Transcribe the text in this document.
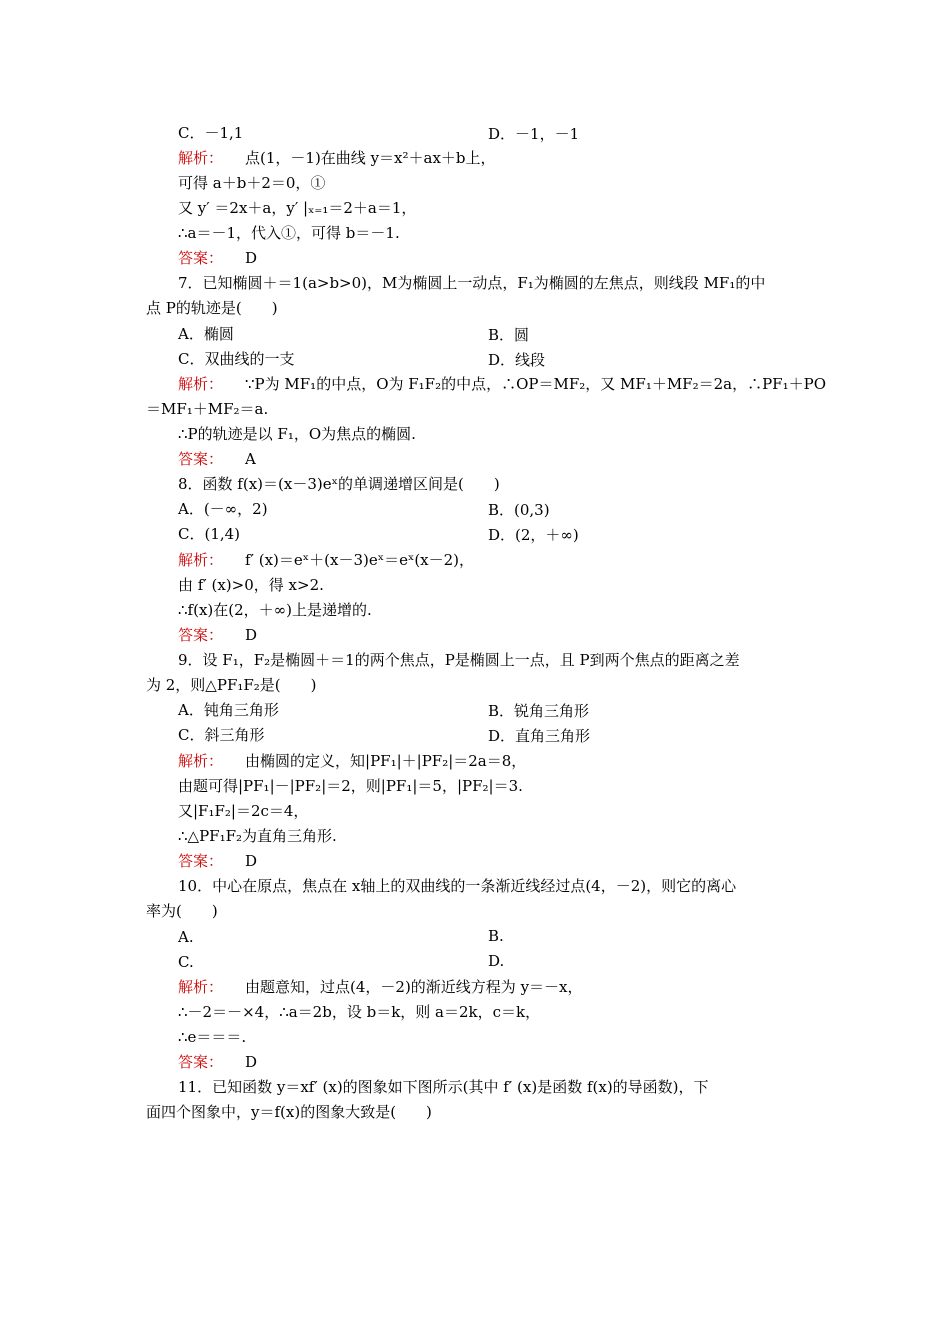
C．－1,1	D．－1，－1
解析： 点(1，－1)在曲线 y＝x²＋ax＋b上，
可得 a＋b＋2＝0，①
又 y′ ＝2x＋a，y′ |ₓ₌₁＝2＋a＝1，
∴a＝－1，代入①，可得 b＝－1.
答案： D
7．已知椭圆＋＝1(a>b>0)，M为椭圆上一动点，F₁为椭圆的左焦点，则线段 MF₁的中
点 P的轨迹是(　　)
A．椭圆	B．圆
C．双曲线的一支	D．线段
解析： ∵P为 MF₁的中点，O为 F₁F₂的中点，∴OP＝MF₂，又 MF₁＋MF₂＝2a，∴PF₁＋PO
＝MF₁＋MF₂＝a.
∴P的轨迹是以 F₁，O为焦点的椭圆.
答案： A
8．函数 f(x)＝(x－3)eˣ的单调递增区间是(　　)
A．(－∞，2)	B．(0,3)
C．(1,4)	D．(2，＋∞)
解析： f′ (x)＝eˣ＋(x－3)eˣ＝eˣ(x－2)，
由 f′ (x)>0，得 x>2.
∴f(x)在(2，＋∞)上是递增的.
答案： D
9．设 F₁，F₂是椭圆＋＝1的两个焦点，P是椭圆上一点，且 P到两个焦点的距离之差
为 2，则△PF₁F₂是(　　)
A．钝角三角形	B．锐角三角形
C．斜三角形	D．直角三角形
解析： 由椭圆的定义，知|PF₁|＋|PF₂|＝2a＝8，
由题可得|PF₁|－|PF₂|＝2，则|PF₁|＝5，|PF₂|＝3.
又|F₁F₂|＝2c＝4，
∴△PF₁F₂为直角三角形.
答案： D
10．中心在原点，焦点在 x轴上的双曲线的一条渐近线经过点(4，－2)，则它的离心
率为(　　)
A.	B.
C.	D.
解析： 由题意知，过点(4，－2)的渐近线方程为 y＝－x，
∴－2＝－×4，∴a＝2b，设 b＝k，则 a＝2k，c＝k，
∴e＝＝＝.
答案： D
11．已知函数 y＝xf′ (x)的图象如下图所示(其中 f′ (x)是函数 f(x)的导函数)，下
面四个图象中，y＝f(x)的图象大致是(　　)
